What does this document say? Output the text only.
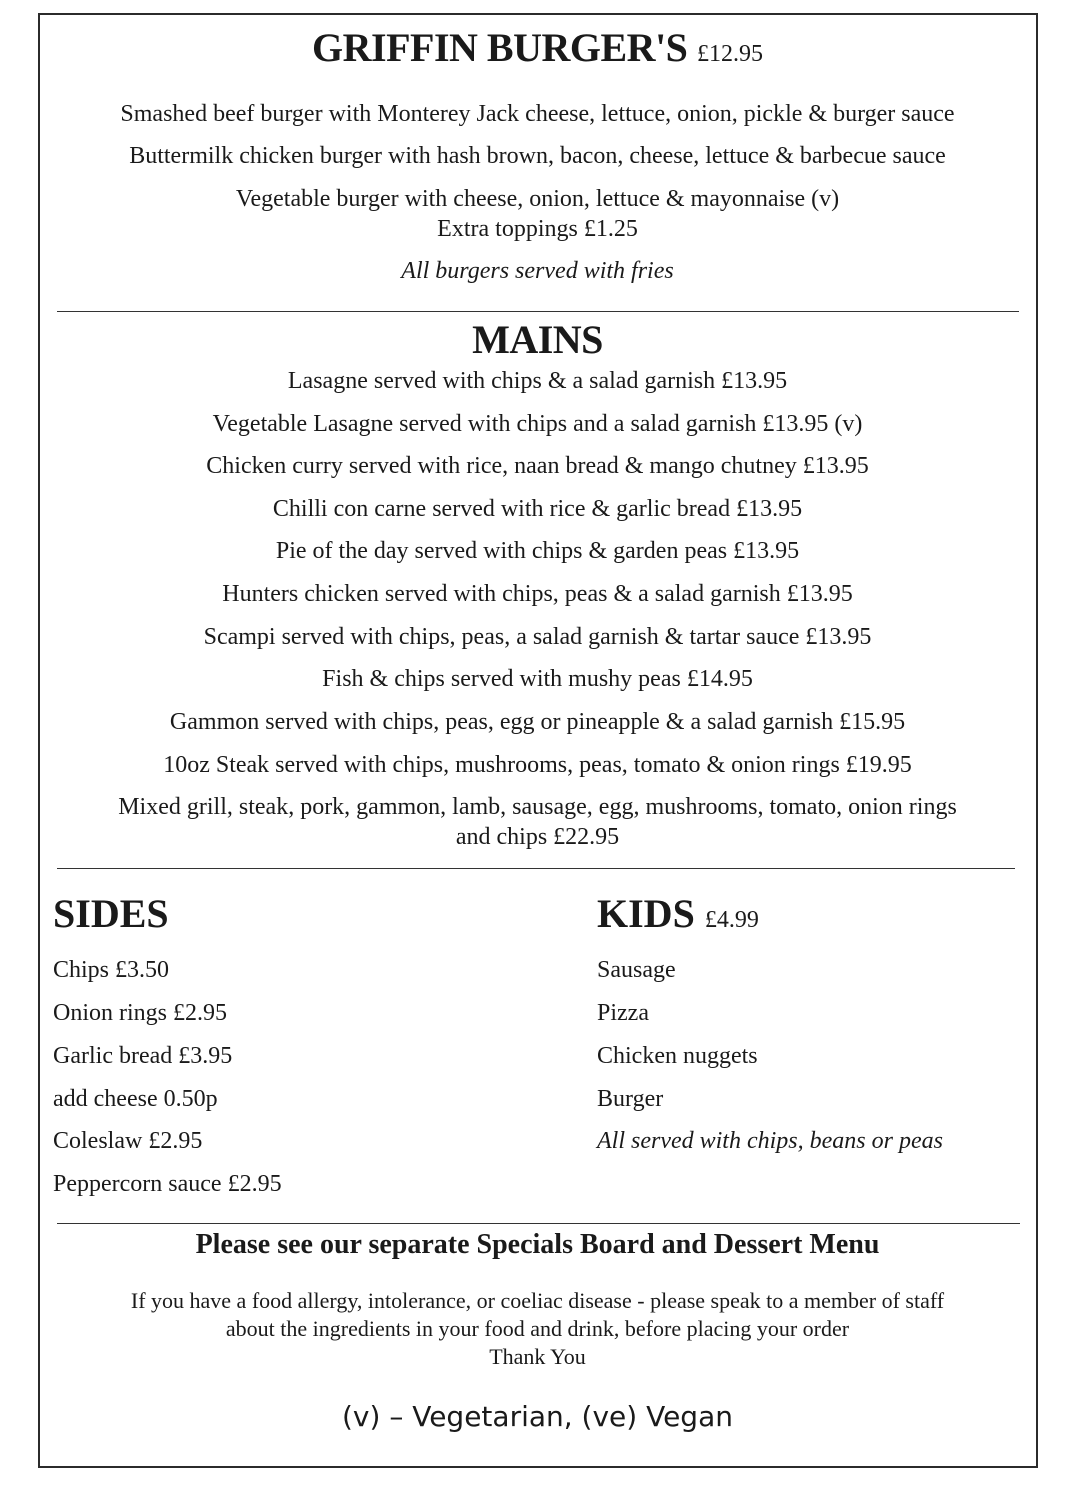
GRIFFIN BURGER'S £12.95
Smashed beef burger with Monterey Jack cheese, lettuce, onion, pickle & burger sauce
Buttermilk chicken burger with hash brown, bacon, cheese, lettuce & barbecue sauce
Vegetable burger with cheese, onion, lettuce & mayonnaise (v)
Extra toppings £1.25
All burgers served with fries
MAINS
Lasagne served with chips & a salad garnish £13.95
Vegetable Lasagne served with chips and a salad garnish £13.95 (v)
Chicken curry served with rice, naan bread & mango chutney £13.95
Chilli con carne served with rice & garlic bread £13.95
Pie of the day served with chips & garden peas £13.95
Hunters chicken served with chips, peas & a salad garnish £13.95
Scampi served with chips, peas, a salad garnish & tartar sauce £13.95
Fish & chips served with mushy peas £14.95
Gammon served with chips, peas, egg or pineapple & a salad garnish £15.95
10oz Steak served with chips, mushrooms, peas, tomato & onion rings £19.95
Mixed grill, steak, pork, gammon, lamb, sausage, egg, mushrooms, tomato, onion rings
and chips £22.95
SIDES
Chips £3.50
Onion rings £2.95
Garlic bread £3.95
add cheese 0.50p
Coleslaw £2.95
Peppercorn sauce £2.95
KIDS £4.99
Sausage
Pizza
Chicken nuggets
Burger
All served with chips, beans or peas
Please see our separate Specials Board and Dessert Menu
If you have a food allergy, intolerance, or coeliac disease - please speak to a member of staff
about the ingredients in your food and drink, before placing your order
Thank You
(v) – Vegetarian, (ve) Vegan
